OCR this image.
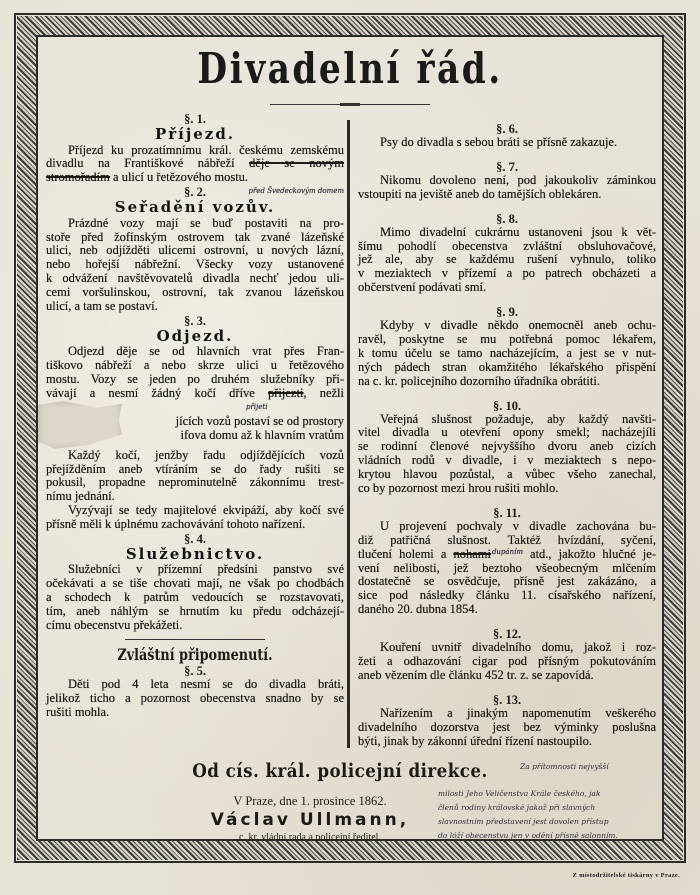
Divadelní řád.
§. 1.
Příjezd.
Příjezd ku prozatímnímu král. českému zemskému
divadlu na Františkové nábřeží děje se novým
před Švedeckovým domem
stromořadím a ulicí u řetězového mostu.
§. 2.
Seřadění vozův.
Prázdné vozy mají se buď postaviti na pro-
stoře před žofínským ostrovem tak zvané lázeňské
ulici, neb odjížděti ulicemi ostrovní, u nových lázní,
nebo hořejší nábřežní. Všecky vozy ustanovené
k odvážení navštěvovatelů divadla nechť jedou uli-
cemi voršulinskou, ostrovní, tak zvanou lázeňskou
ulicí, a tam se postaví.
§. 3.
Odjezd.
Odjezd děje se od hlavních vrat přes Fran-
tiškovo nábřeží a nebo skrze ulici u řetězového
mostu. Vozy se jeden po druhém služebníky při-
vávají a nesmí žádný kočí dříve přijezti, nežli
přijeti
jících vozů postaví se od prostory
ifova domu až k hlavním vratům
Každý kočí, jenžby řadu odjíždějících vozů
přejížděním aneb vtíráním se do řady rušiti se
pokusil, propadne neprominutelně zákonnímu trest-
nímu jednání.
Vyzývají se tedy majitelové ekvipáží, aby kočí své
přísně měli k úplnému zachovávání tohoto nařízení.
§. 4.
Služebnictvo.
Služebníci v přízemní předsíni panstvo své
očekávati a se tiše chovati mají, ne však po chodbách
a schodech k patrům vedoucích se rozstavovati,
tím, aneb náhlým se hrnutím ku předu odcházejí-
címu obecenstvu překážeti.
Zvláštní připomenutí.
§. 5.
Děti pod 4 leta nesmí se do divadla bráti,
jelikož ticho a pozornost obecenstva snadno by se
rušiti mohla.
§. 6.
Psy do divadla s sebou bráti se přísně zakazuje.
§. 7.
Nikomu dovoleno není, pod jakoukoliv záminkou
vstoupiti na jeviště aneb do tamějších oblekáren.
§. 8.
Mimo divadelní cukrárnu ustanoveni jsou k vět-
šímu pohodlí obecenstva zvláštní obsluhovačové,
jež ale, aby se každému rušení vyhnulo, toliko
v meziaktech v přízemí a po patrech obcházeti a
občerstvení podávati smí.
§. 9.
Kdyby v divadle někdo onemocněl aneb ochu-
ravěl, poskytne se mu potřebná pomoc lékařem,
k tomu účelu se tamo nacházejícím, a jest se v nut-
ných pádech stran okamžitého lékařského přispění
na c. kr. policejního dozorního úřadníka obrátiti.
§. 10.
Veřejná slušnost požaduje, aby každý navšti-
vitel divadla u otevření opony smekl; nacházejíli
se rodinní členové nejvyššího dvoru aneb cizích
vládních rodů v divadle, i v meziaktech s nepo-
krytou hlavou pozůstal, a vůbec všeho zanechal,
co by pozornost mezi hrou rušiti mohlo.
§. 11.
U projevení pochvaly v divadle zachována bu-
diž patřičná slušnost. Taktéž hvízdání, syčení,
tlučení holemi a nohami$^{dupáním}$ atd., jakožto hlučné je-
vení nelibosti, jež beztoho všeobecným mlčením
dostatečně se osvědčuje, přísně jest zakázáno, a
sice pod následky článku 11. císařského nařízení,
daného 20. dubna 1854.
§. 12.
Kouření uvnitř divadelního domu, jakož i roz-
žeti a odhazování cigar pod přísným pokutováním
aneb vězením dle článku 452 tr. z. se zapovídá.
§. 13.
Nařízením a jinakým napomenutím veškerého
divadelního dozorstva jest bez výminky poslušna
býti, jinak by zákonní úřední řízení nastoupilo.
Od cís. král. policejní direkce.
V Praze, dne 1. prosince 1862.
Václav Ullmann,
c. kr. vládní rada a policejní ředitel.
Za přítomnosti nejvyšší
milosti Jeho Veličenstva Krále českého, jak
členů rodiny královské jakož při slavných
slavnostním představení jest dovolen přístup
do lóží obecenstvu jen v odění přísně salonním.
Z místodržitelské tiskárny v Praze.
